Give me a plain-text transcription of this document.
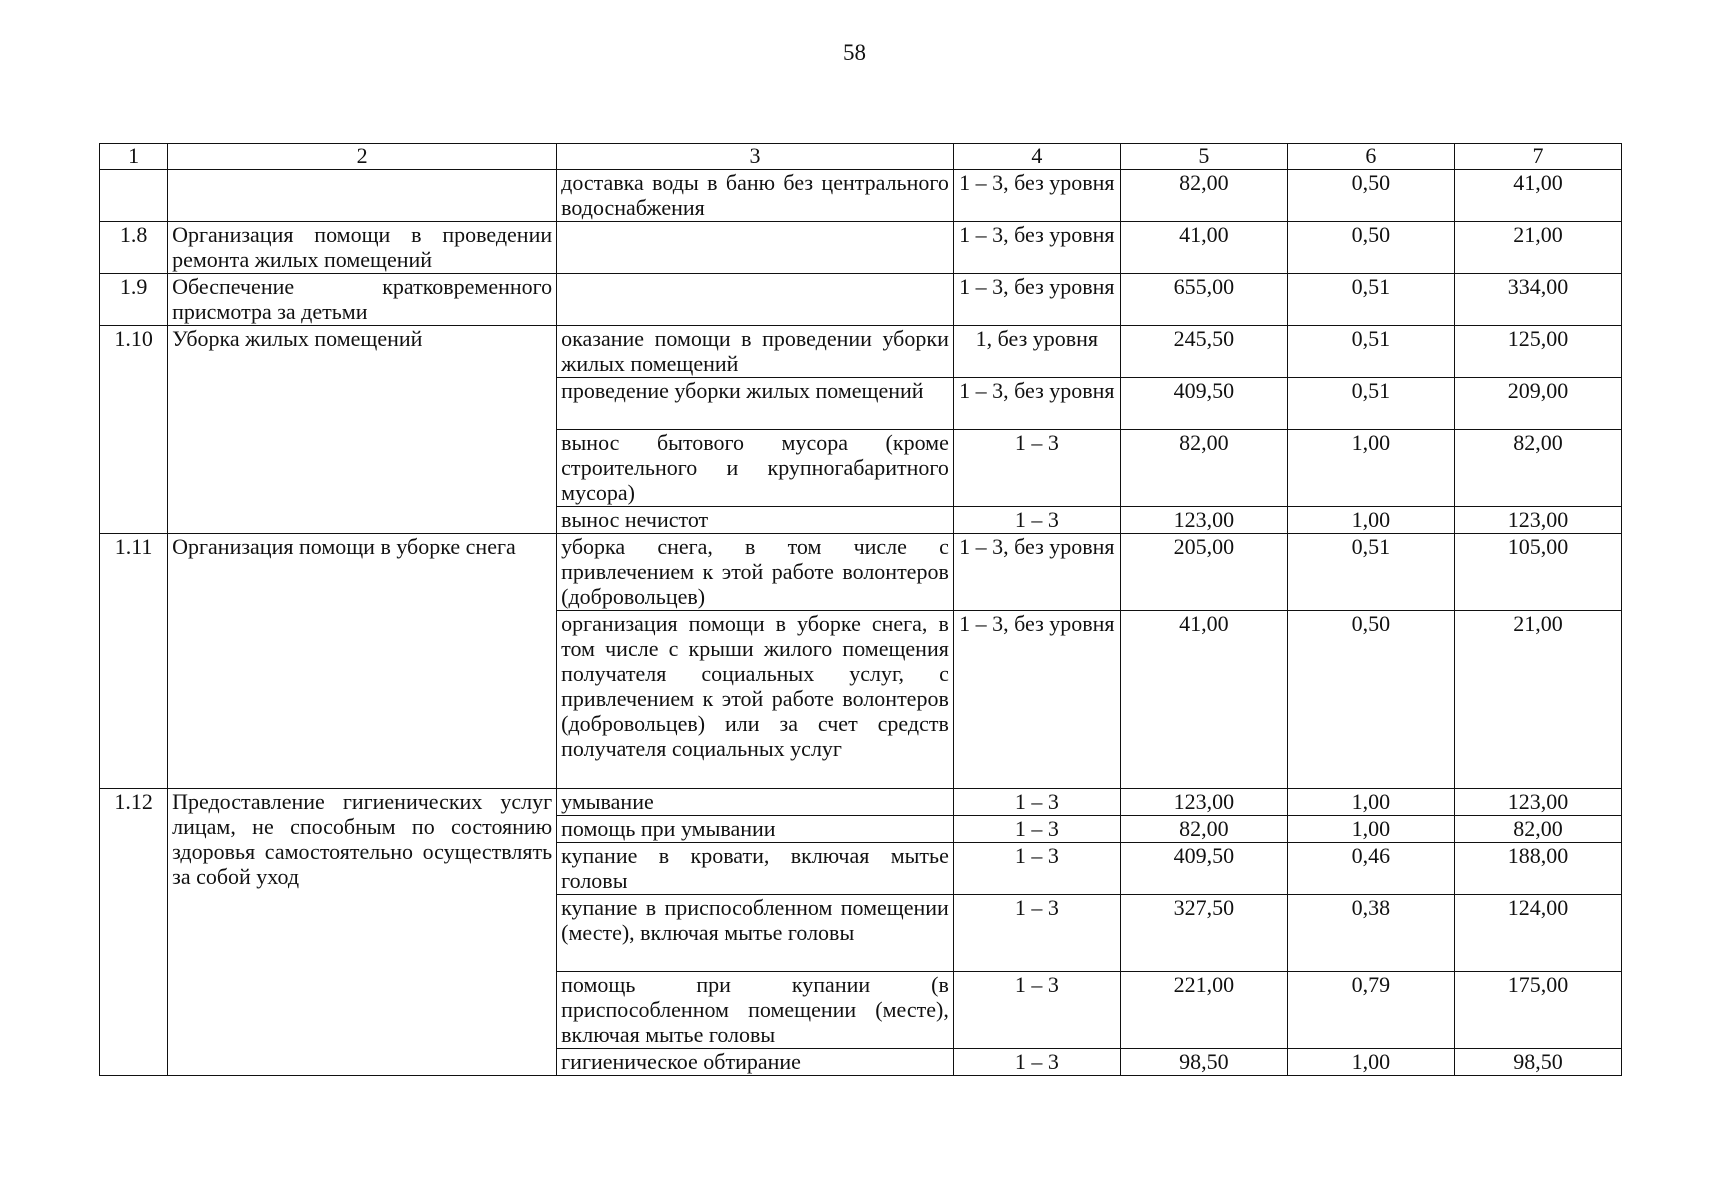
58
1	2	3	4	5	6	7
		доставка воды в баню без центрального водоснабжения	1 – 3, без уровня	82,00	0,50	41,00
1.8	Организация помощи в проведении ремонта жилых помещений		1 – 3, без уровня	41,00	0,50	21,00
1.9	Обеспечение кратковременного присмотра за детьми		1 – 3, без уровня	655,00	0,51	334,00
1.10	Уборка жилых помещений	оказание помощи в проведении уборки жилых помещений	1, без уровня	245,50	0,51	125,00
		проведение уборки жилых помещений	1 – 3, без уровня	409,50	0,51	209,00
		вынос бытового мусора (кроме строительного и крупногабаритного мусора)	1 – 3	82,00	1,00	82,00
		вынос нечистот	1 – 3	123,00	1,00	123,00
1.11	Организация помощи в уборке снега	уборка снега, в том числе с привлечением к этой работе волонтеров (добровольцев)	1 – 3, без уровня	205,00	0,51	105,00
		организация помощи в уборке снега, в том числе с крыши жилого помещения получателя социальных услуг, с привлечением к этой работе волонтеров (добровольцев) или за счет средств получателя социальных услуг	1 – 3, без уровня	41,00	0,50	21,00
1.12	Предоставление гигиенических услуг лицам, не способным по состоянию здоровья самостоятельно осуществлять за собой уход	умывание	1 – 3	123,00	1,00	123,00
		помощь при умывании	1 – 3	82,00	1,00	82,00
		купание в кровати, включая мытье головы	1 – 3	409,50	0,46	188,00
		купание в приспособленном помещении (месте), включая мытье головы	1 – 3	327,50	0,38	124,00
		помощь при купании (в приспособленном помещении (месте), включая мытье головы	1 – 3	221,00	0,79	175,00
		гигиеническое обтирание	1 – 3	98,50	1,00	98,50
